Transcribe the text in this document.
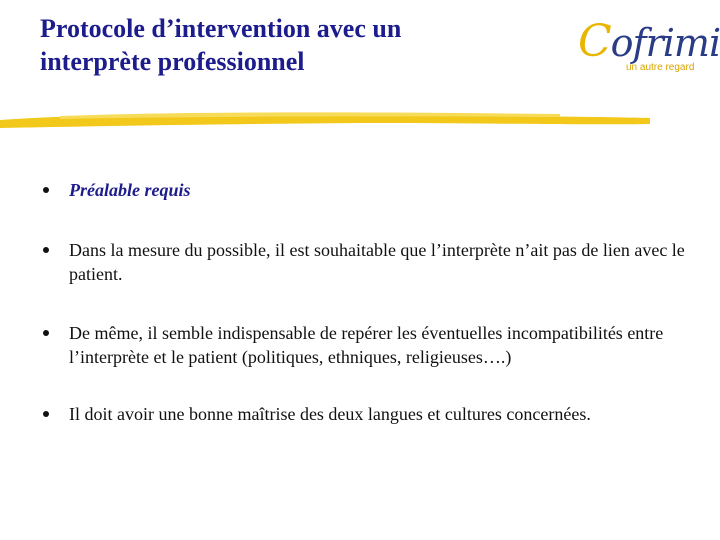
Protocole d’intervention avec un
interprète professionnel	Cofrimi
un autre regard
Préalable requis
Dans la mesure du possible, il est souhaitable que l’interprète n’ait pas de lien avec le patient.
De même, il semble indispensable de repérer les éventuelles incompatibilités entre l’interprète et le patient (politiques, ethniques, religieuses….)
Il doit avoir une bonne maîtrise des deux langues et cultures concernées.
